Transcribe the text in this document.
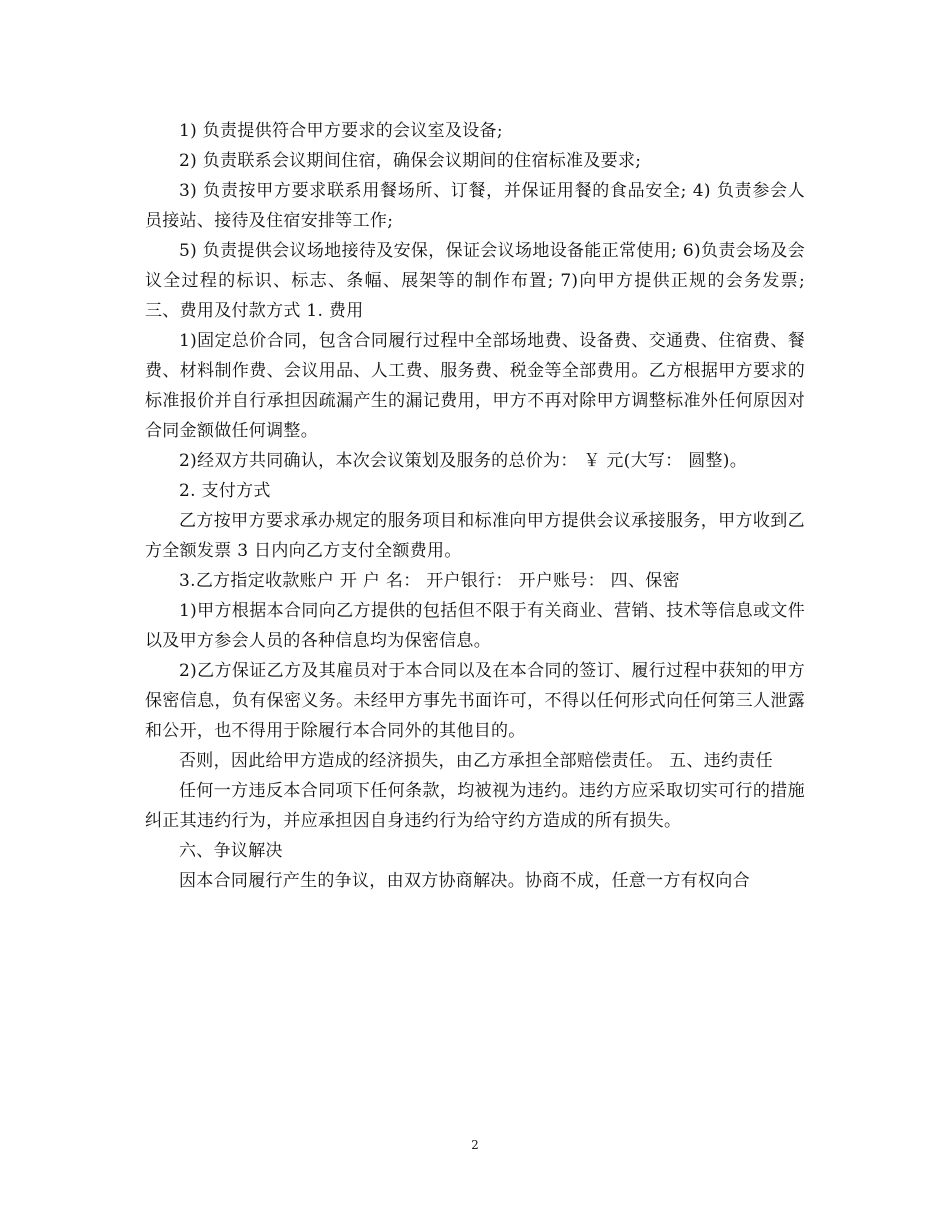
1) 负责提供符合甲方要求的会议室及设备;

2) 负责联系会议期间住宿，确保会议期间的住宿标准及要求;

3) 负责按甲方要求联系用餐场所、订餐，并保证用餐的食品安全; 4) 负责参会人员接站、接待及住宿安排等工作;

5) 负责提供会议场地接待及安保，保证会议场地设备能正常使用; 6)负责会场及会议全过程的标识、标志、条幅、展架等的制作布置; 7)向甲方提供正规的会务发票; 三、费用及付款方式 1. 费用

1)固定总价合同，包含合同履行过程中全部场地费、设备费、交通费、住宿费、餐费、材料制作费、会议用品、人工费、服务费、税金等全部费用。乙方根据甲方要求的标准报价并自行承担因疏漏产生的漏记费用，甲方不再对除甲方调整标准外任何原因对合同金额做任何调整。

2)经双方共同确认，本次会议策划及服务的总价为： ￥ 元(大写： 圆整)。

2. 支付方式

乙方按甲方要求承办规定的服务项目和标准向甲方提供会议承接服务，甲方收到乙方全额发票 3 日内向乙方支付全额费用。

3.乙方指定收款账户 开 户 名： 开户银行： 开户账号： 四、保密

1)甲方根据本合同向乙方提供的包括但不限于有关商业、营销、技术等信息或文件以及甲方参会人员的各种信息均为保密信息。

2)乙方保证乙方及其雇员对于本合同以及在本合同的签订、履行过程中获知的甲方保密信息，负有保密义务。未经甲方事先书面许可，不得以任何形式向任何第三人泄露和公开，也不得用于除履行本合同外的其他目的。

否则，因此给甲方造成的经济损失，由乙方承担全部赔偿责任。 五、违约责任

任何一方违反本合同项下任何条款，均被视为违约。违约方应采取切实可行的措施纠正其违约行为，并应承担因自身违约行为给守约方造成的所有损失。

六、争议解决

因本合同履行产生的争议，由双方协商解决。协商不成，任意一方有权向合

2
